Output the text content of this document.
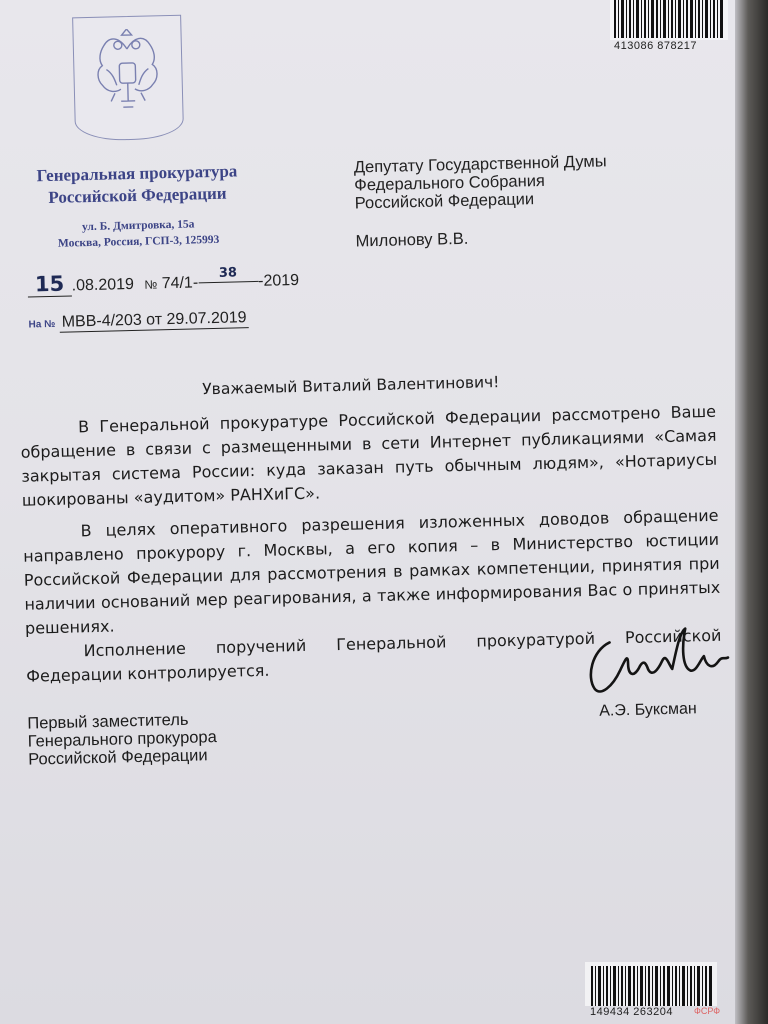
Генеральная прокуратура
Российской Федерации
ул. Б. Дмитровка, 15а
Москва, Россия, ГСП-3, 125993
Депутату Государственной Думы
Федерального Собрания
Российской Федерации
Милонову В.В.
15 .08.2019 № 74/1-38 -2019
На № МВВ-4/203 от 29.07.2019
Уважаемый Виталий Валентинович!
В Генеральной прокуратуре Российской Федерации рассмотрено Ваше обращение в связи с размещенными в сети Интернет публикациями «Самая закрытая система России: куда заказан путь обычным людям», «Нотариусы шокированы «аудитом» РАНХиГС».
В целях оперативного разрешения изложенных доводов обращение направлено прокурору г. Москвы, а его копия – в Министерство юстиции Российской Федерации для рассмотрения в рамках компетенции, принятия при наличии оснований мер реагирования, а также информирования Вас о принятых решениях.
Исполнение поручений Генеральной прокуратурой Российской Федерации контролируется.
Первый заместитель
Генерального прокурора
Российской Федерации
А.Э. Буксман
413086 878217
149434 263204 ФСРФ
